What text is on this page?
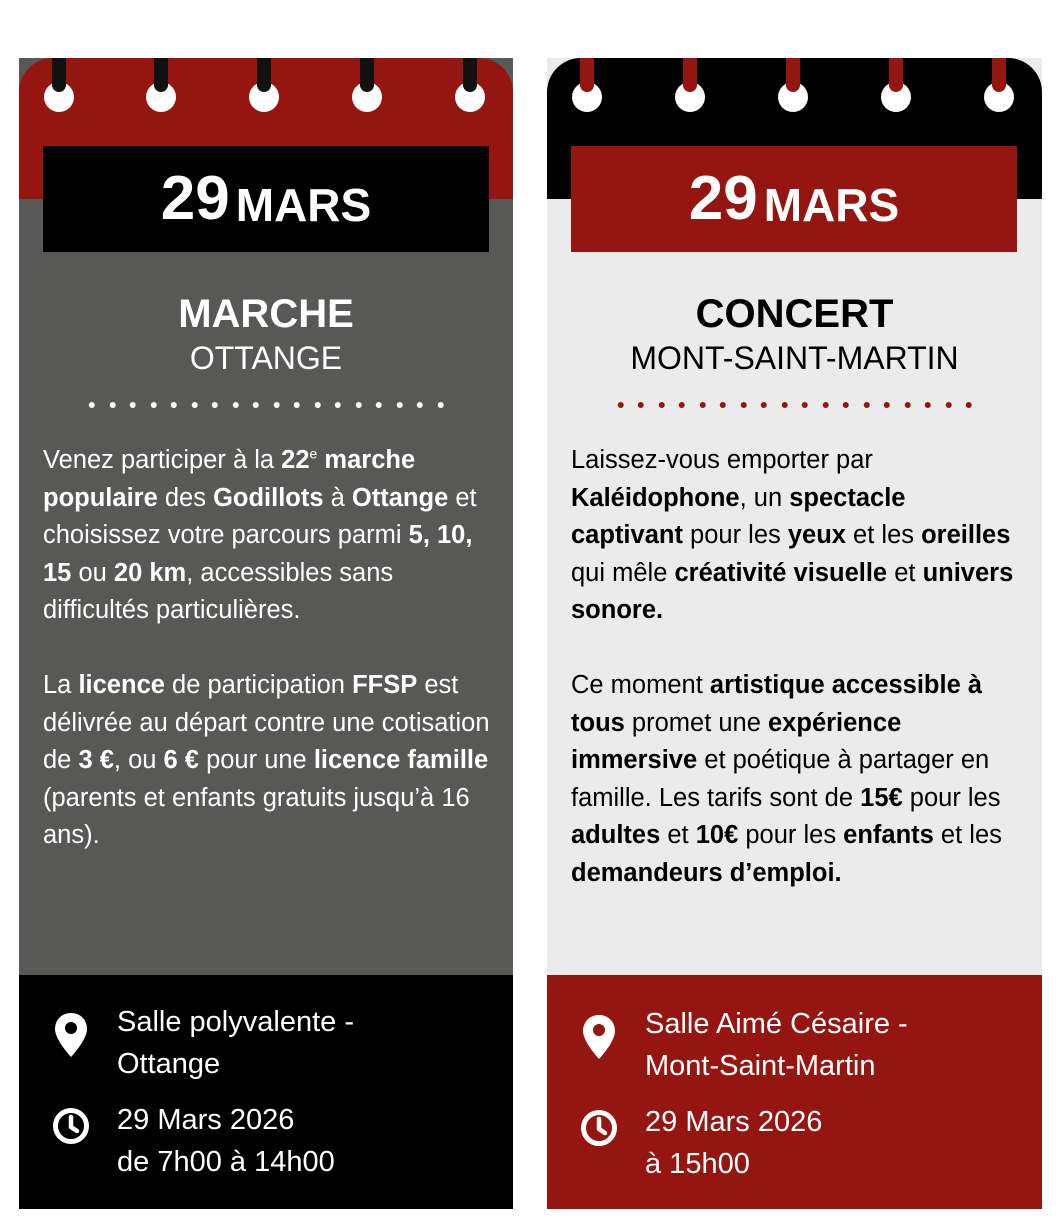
29 MARS
MARCHE
OTTANGE

Venez participer à la 22e marche populaire des Godillots à Ottange et choisissez votre parcours parmi 5, 10, 15 ou 20 km, accessibles sans difficultés particulières.

La licence de participation FFSP est délivrée au départ contre une cotisation de 3 €, ou 6 € pour une licence famille (parents et enfants gratuits jusqu’à 16 ans).

Salle polyvalente -
Ottange
29 Mars 2026
de 7h00 à 14h00
29 MARS
CONCERT
MONT-SAINT-MARTIN

Laissez-vous emporter par Kaléidophone, un spectacle captivant pour les yeux et les oreilles qui mêle créativité visuelle et univers sonore.

Ce moment artistique accessible à tous promet une expérience immersive et poétique à partager en famille. Les tarifs sont de 15€ pour les adultes et 10€ pour les enfants et les demandeurs d’emploi.

Salle Aimé Césaire -
Mont-Saint-Martin
29 Mars 2026
à 15h00
